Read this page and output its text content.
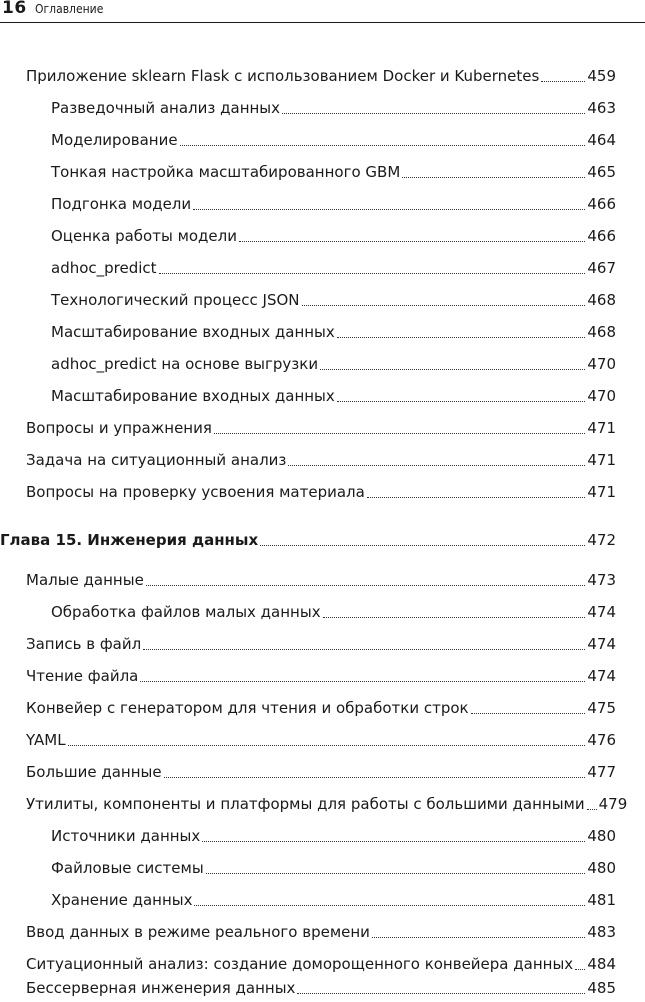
16 Оглавление
Приложение sklearn Flask с использованием Docker и Kubernetes	459
Разведочный анализ данных	463
Моделирование	464
Тонкая настройка масштабированного GBM	465
Подгонка модели	466
Оценка работы модели	466
adhoc_predict	467
Технологический процесс JSON	468
Масштабирование входных данных	468
adhoc_predict на основе выгрузки	470
Масштабирование входных данных	470
Вопросы и упражнения	471
Задача на ситуационный анализ	471
Вопросы на проверку усвоения материала	471
Глава 15. Инженерия данных	472
Малые данные	473
Обработка файлов малых данных	474
Запись в файл	474
Чтение файла	474
Конвейер с генератором для чтения и обработки строк	475
YAML	476
Большие данные	477
Утилиты, компоненты и платформы для работы с большими данными 479
Источники данных	480
Файловые системы	480
Хранение данных	481
Ввод данных в режиме реального времени	483
Ситуационный анализ: создание доморощенного конвейера данных 484
Бессерверная инженерия данных	485
